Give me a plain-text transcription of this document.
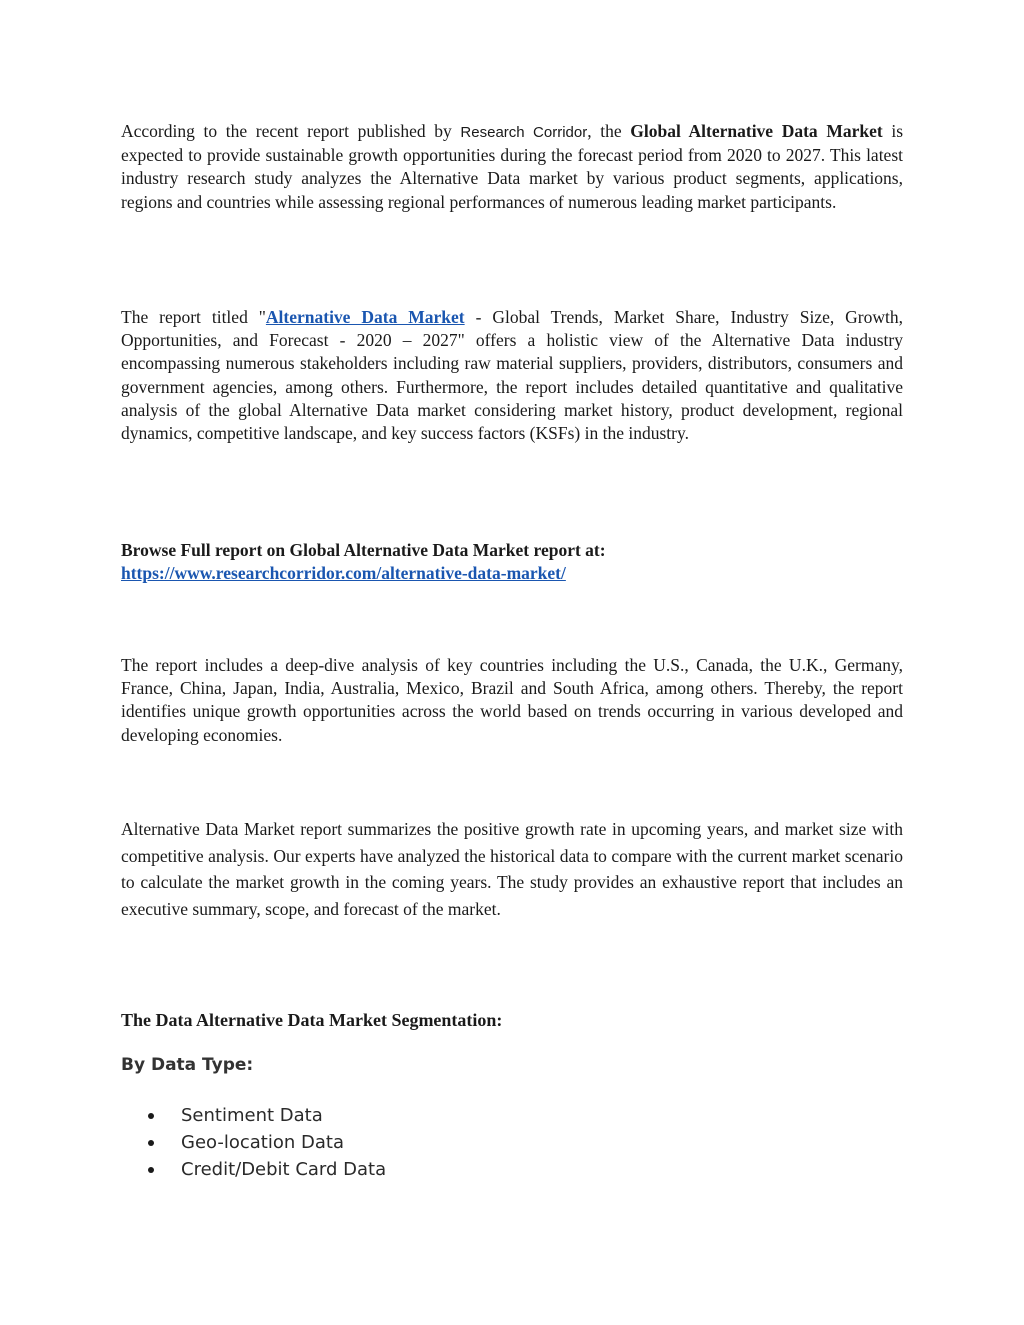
According to the recent report published by Research Corridor, the Global Alternative Data Market is expected to provide sustainable growth opportunities during the forecast period from 2020 to 2027. This latest industry research study analyzes the Alternative Data market by various product segments, applications, regions and countries while assessing regional performances of numerous leading market participants.

The report titled "Alternative Data Market - Global Trends, Market Share, Industry Size, Growth, Opportunities, and Forecast - 2020 – 2027" offers a holistic view of the Alternative Data industry encompassing numerous stakeholders including raw material suppliers, providers, distributors, consumers and government agencies, among others. Furthermore, the report includes detailed quantitative and qualitative analysis of the global Alternative Data market considering market history, product development, regional dynamics, competitive landscape, and key success factors (KSFs) in the industry.

Browse Full report on Global Alternative Data Market report at:
https://www.researchcorridor.com/alternative-data-market/

The report includes a deep-dive analysis of key countries including the U.S., Canada, the U.K., Germany, France, China, Japan, India, Australia, Mexico, Brazil and South Africa, among others. Thereby, the report identifies unique growth opportunities across the world based on trends occurring in various developed and developing economies.

Alternative Data Market report summarizes the positive growth rate in upcoming years, and market size with competitive analysis. Our experts have analyzed the historical data to compare with the current market scenario to calculate the market growth in the coming years. The study provides an exhaustive report that includes an executive summary, scope, and forecast of the market.

The Data Alternative Data Market Segmentation:

By Data Type:

Sentiment Data
Geo-location Data
Credit/Debit Card Data
